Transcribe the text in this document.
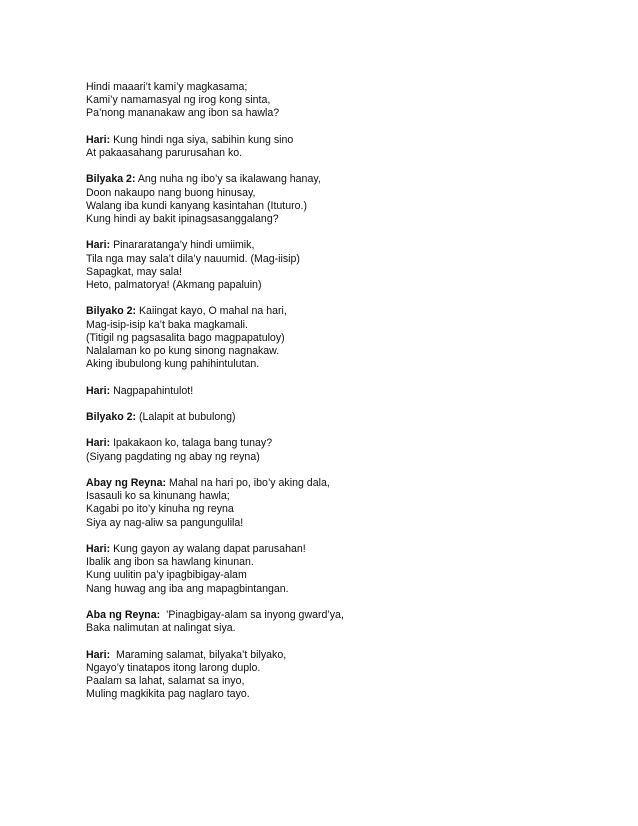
Hindi maaari’t kami’y magkasama;
Kami’y namamasyal ng irog kong sinta,
Pa’nong mananakaw ang ibon sa hawla?
Hari: Kung hindi nga siya, sabihin kung sino
At pakaasahang parurusahan ko.
Bilyaka 2: Ang nuha ng ibo’y sa ikalawang hanay,
Doon nakaupo nang buong hinusay,
Walang iba kundi kanyang kasintahan (Ituturo.)
Kung hindi ay bakit ipinagsasanggalang?
Hari: Pinararatanga’y hindi umiimik,
Tila nga may sala’t dila’y nauumid. (Mag-iisip)
Sapagkat, may sala!
Heto, palmatorya! (Akmang papaluin)
Bilyako 2: Kaiingat kayo, O mahal na hari,
Mag-isip-isip ka’t baka magkamali.
(Titigil ng pagsasalita bago magpapatuloy)
Nalalaman ko po kung sinong nagnakaw.
Aking ibubulong kung pahihintulutan.
Hari: Nagpapahintulot!
Bilyako 2: (Lalapit at bubulong)
Hari: Ipakakaon ko, talaga bang tunay?
(Siyang pagdating ng abay ng reyna)
Abay ng Reyna: Mahal na hari po, ibo’y aking dala,
Isasauli ko sa kinunang hawla;
Kagabi po ito’y kinuha ng reyna
Siya ay nag-aliw sa pangungulila!
Hari: Kung gayon ay walang dapat parusahan!
Ibalik ang ibon sa hawlang kinunan.
Kung uulitin pa’y ipagbibigay-alam
Nang huwag ang iba ang mapagbintangan.
Aba ng Reyna:  ’Pinagbigay-alam sa inyong gward’ya,
Baka nalimutan at nalingat siya.
Hari:  Maraming salamat, bilyaka’t bilyako,
Ngayo’y tinatapos itong larong duplo.
Paalam sa lahat, salamat sa inyo,
Muling magkikita pag naglaro tayo.
